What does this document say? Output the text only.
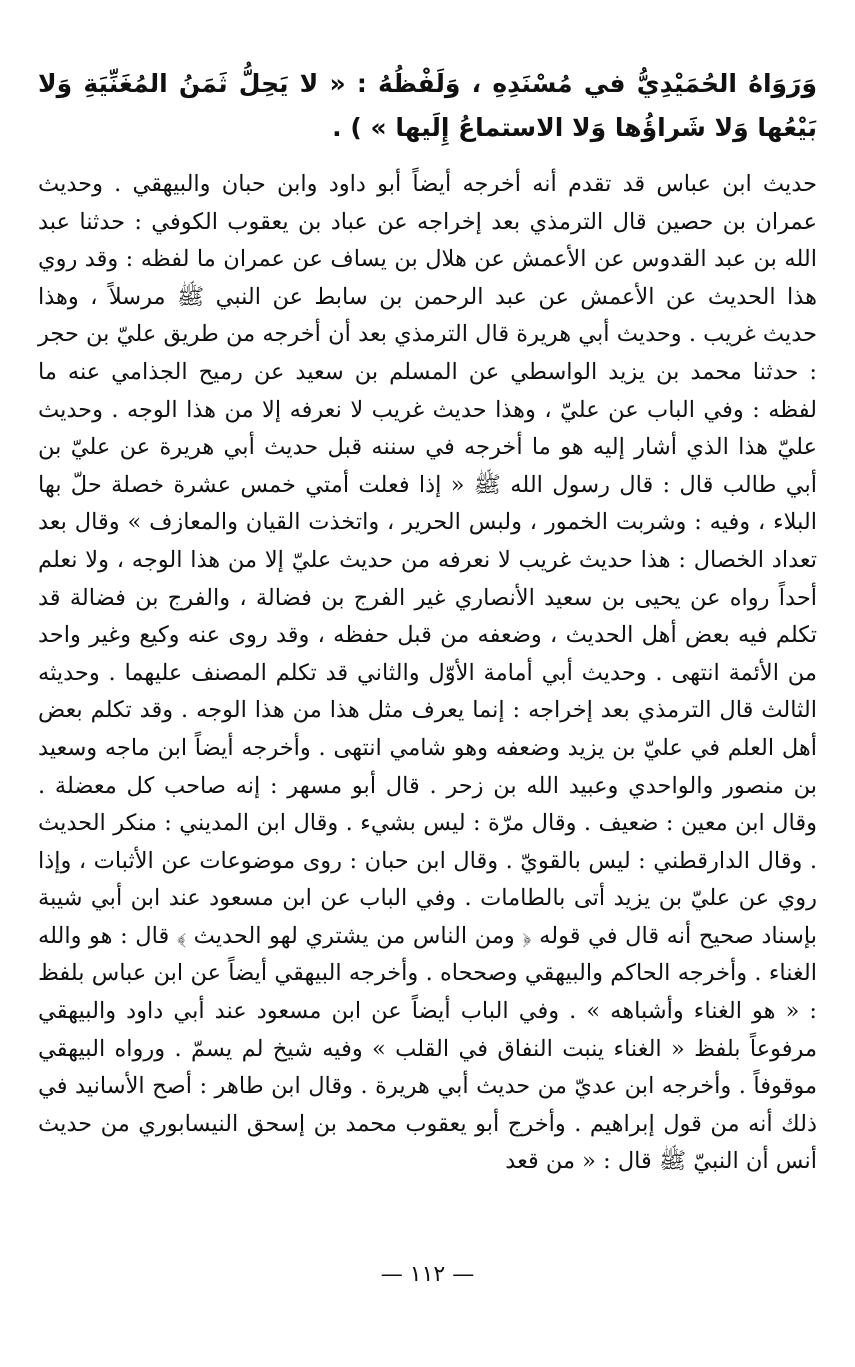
وَرَوَاهُ الحُمَيْدِيُّ في مُسْنَدِهِ ، وَلَفْظُهُ : « لا يَحِلُّ ثَمَنُ المُغَنِّيَةِ وَلا بَيْعُها وَلا شَراؤُها وَلا الاستماعُ إِلَيها » ) .

حديث ابن عباس قد تقدم أنه أخرجه أيضاً أبو داود وابن حبان والبيهقي . وحديث عمران بن حصين قال الترمذي بعد إخراجه عن عباد بن يعقوب الكوفي : حدثنا عبد الله بن عبد القدوس عن الأعمش عن هلال بن يساف عن عمران ما لفظه : وقد روي هذا الحديث عن الأعمش عن عبد الرحمن بن سابط عن النبي ﷺ مرسلاً ، وهذا حديث غريب . وحديث أبي هريرة قال الترمذي بعد أن أخرجه من طريق عليّ بن حجر : حدثنا محمد بن يزيد الواسطي عن المسلم بن سعيد عن رميح الجذامي عنه ما لفظه : وفي الباب عن عليّ ، وهذا حديث غريب لا نعرفه إلا من هذا الوجه . وحديث عليّ هذا الذي أشار إليه هو ما أخرجه في سننه قبل حديث أبي هريرة عن عليّ بن أبي طالب قال : قال رسول الله ﷺ « إذا فعلت أمتي خمس عشرة خصلة حلّ بها البلاء ، وفيه : وشربت الخمور ، ولبس الحرير ، واتخذت القيان والمعازف » وقال بعد تعداد الخصال : هذا حديث غريب لا نعرفه من حديث عليّ إلا من هذا الوجه ، ولا نعلم أحداً رواه عن يحيى بن سعيد الأنصاري غير الفرج بن فضالة ، والفرج بن فضالة قد تكلم فيه بعض أهل الحديث ، وضعفه من قبل حفظه ، وقد روى عنه وكيع وغير واحد من الأئمة انتهى . وحديث أبي أمامة الأوّل والثاني قد تكلم المصنف عليهما . وحديثه الثالث قال الترمذي بعد إخراجه : إنما يعرف مثل هذا من هذا الوجه . وقد تكلم بعض أهل العلم في عليّ بن يزيد وضعفه وهو شامي انتهى . وأخرجه أيضاً ابن ماجه وسعيد بن منصور والواحدي وعبيد الله بن زحر . قال أبو مسهر : إنه صاحب كل معضلة . وقال ابن معين : ضعيف . وقال مرّة : ليس بشيء . وقال ابن المديني : منكر الحديث . وقال الدارقطني : ليس بالقويّ . وقال ابن حبان : روى موضوعات عن الأثبات ، وإذا روي عن عليّ بن يزيد أتى بالطامات . وفي الباب عن ابن مسعود عند ابن أبي شيبة بإسناد صحيح أنه قال في قوله ﴿ ومن الناس من يشتري لهو الحديث ﴾ قال : هو والله الغناء . وأخرجه الحاكم والبيهقي وصححاه . وأخرجه البيهقي أيضاً عن ابن عباس بلفظ : « هو الغناء وأشباهه » . وفي الباب أيضاً عن ابن مسعود عند أبي داود والبيهقي مرفوعاً بلفظ « الغناء ينبت النفاق في القلب » وفيه شيخ لم يسمّ . ورواه البيهقي موقوفاً . وأخرجه ابن عديّ من حديث أبي هريرة . وقال ابن طاهر : أصح الأسانيد في ذلك أنه من قول إبراهيم . وأخرج أبو يعقوب محمد بن إسحق النيسابوري من حديث أنس أن النبيّ ﷺ قال : « من قعد

— ١١٢ —
